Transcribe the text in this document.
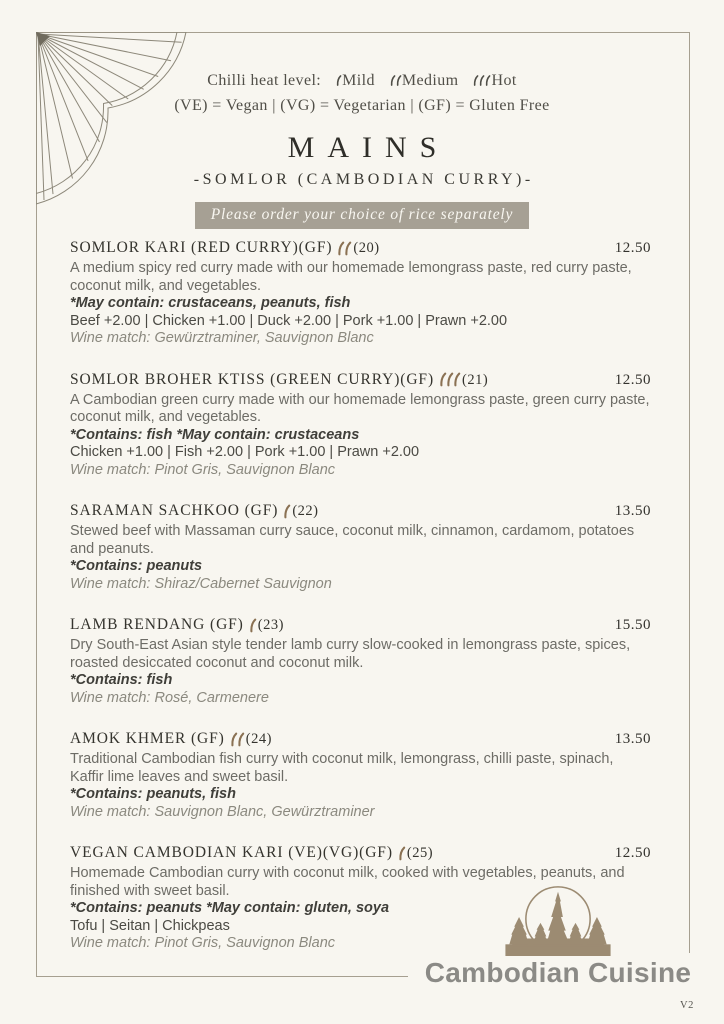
Chilli heat level: Mild Medium Hot
(VE) = Vegan | (VG) = Vegetarian | (GF) = Gluten Free
MAINS
-SOMLOR (CAMBODIAN CURRY)-
Please order your choice of rice separately
SOMLOR KARI (RED CURRY)(GF) (20)	12.50

A medium spicy red curry made with our homemade lemongrass paste, red curry paste, coconut milk, and vegetables.

*May contain: crustaceans, peanuts, fish

Beef +2.00 | Chicken +1.00 | Duck +2.00 | Pork +1.00 | Prawn +2.00

Wine match: Gewürztraminer, Sauvignon Blanc

SOMLOR BROHER KTISS (GREEN CURRY)(GF) (21)	12.50

A Cambodian green curry made with our homemade lemongrass paste, green curry paste, coconut milk, and vegetables.

*Contains: fish *May contain: crustaceans

Chicken +1.00 | Fish +2.00 | Pork +1.00 | Prawn +2.00

Wine match: Pinot Gris, Sauvignon Blanc

SARAMAN SACHKOO (GF) (22)	13.50

Stewed beef with Massaman curry sauce, coconut milk, cinnamon, cardamom, potatoes and peanuts.

*Contains: peanuts

Wine match: Shiraz/Cabernet Sauvignon

LAMB RENDANG (GF) (23)	15.50

Dry South-East Asian style tender lamb curry slow-cooked in lemongrass paste, spices, roasted desiccated coconut and coconut milk.

*Contains: fish

Wine match: Rosé, Carmenere

AMOK KHMER (GF) (24)	13.50

Traditional Cambodian fish curry with coconut milk, lemongrass, chilli paste, spinach, Kaffir lime leaves and sweet basil.

*Contains: peanuts, fish

Wine match: Sauvignon Blanc, Gewürztraminer

VEGAN CAMBODIAN KARI (VE)(VG)(GF) (25)	12.50

Homemade Cambodian curry with coconut milk, cooked with vegetables, peanuts, and finished with sweet basil.

*Contains: peanuts *May contain: gluten, soya

Tofu | Seitan | Chickpeas

Wine match: Pinot Gris, Sauvignon Blanc

Cambodian Cuisine
V2
